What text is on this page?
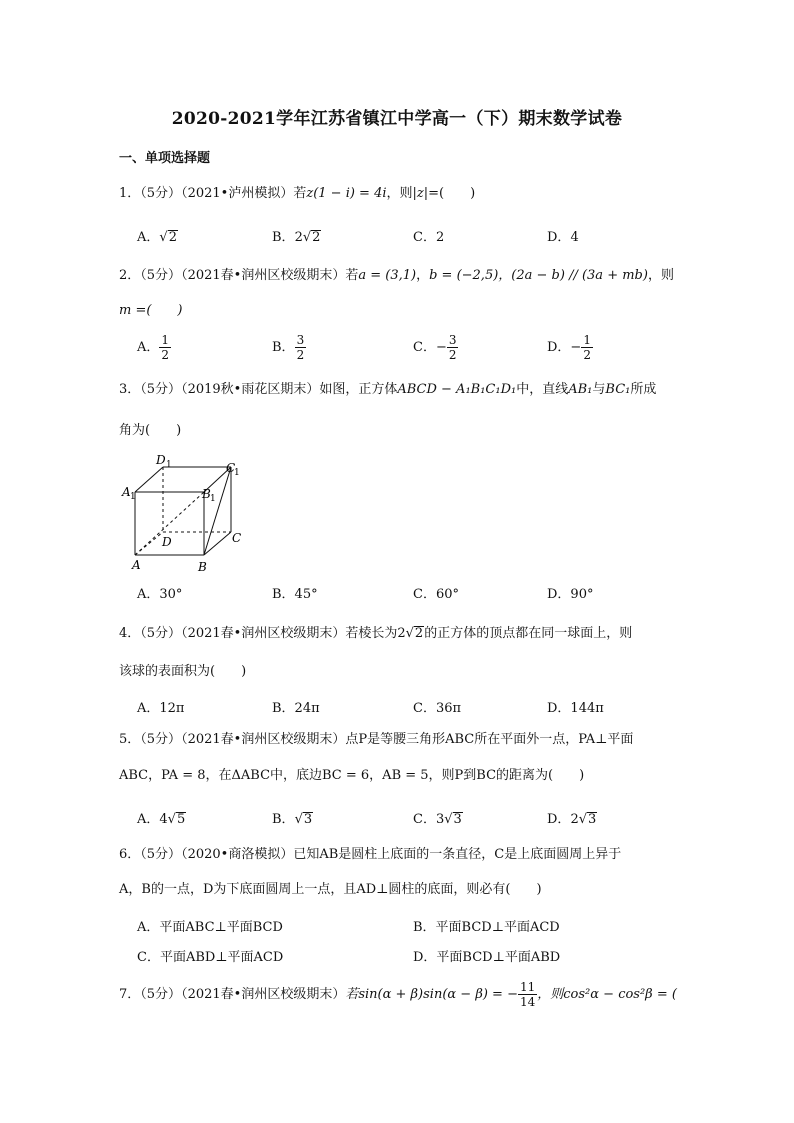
2020-2021学年江苏省镇江中学高一（下）期末数学试卷
一、单项选择题
1．（5分）（2021•泸州模拟）若z(1 − i) = 4i，则|z|=(　　)
A．√2	B．2√2	C．2	D．4
2．（5分）（2021春•润州区校级期末）若a = (3,1)，b = (−2,5)，(2a − b) // (3a + mb)，则
m =(　　)
A． $\frac{1}{2}$	B． $\frac{3}{2}$	C．− $\frac{3}{2}$	D．− $\frac{1}{2}$
3．（5分）（2019秋•雨花区期末）如图，正方体ABCD − A₁B₁C₁D₁中，直线AB₁与BC₁所成
角为(　　)
D 1	C
1
A 1	B 1
D	C
A	B
A．30°	B．45°	C．60°	D．90°
4．（5分）（2021春•润州区校级期末）若棱长为2√2的正方体的顶点都在同一球面上，则
该球的表面积为(　　)
A．12π	B．24π	C．36π	D．144π
5．（5分）（2021春•润州区校级期末）点P是等腰三角形ABC所在平面外一点，PA⊥平面
ABC，PA = 8，在ΔABC中，底边BC = 6，AB = 5，则P到BC的距离为(　　)
A．4√5	B．√3	C．3√3	D．2√3
6．（5分）（2020•商洛模拟）已知AB是圆柱上底面的一条直径，C是上底面圆周上异于
A，B的一点，D为下底面圆周上一点，且AD⊥圆柱的底面，则必有(　　)
A．平面ABC⊥平面BCD	B．平面BCD⊥平面ACD
C．平面ABD⊥平面ACD	D．平面BCD⊥平面ABD
7．（5分）（2021春•润州区校级期末）若sin(α + β)sin(α − β) = − $\frac{11}{14}$ ，则cos²α − cos²β = (
